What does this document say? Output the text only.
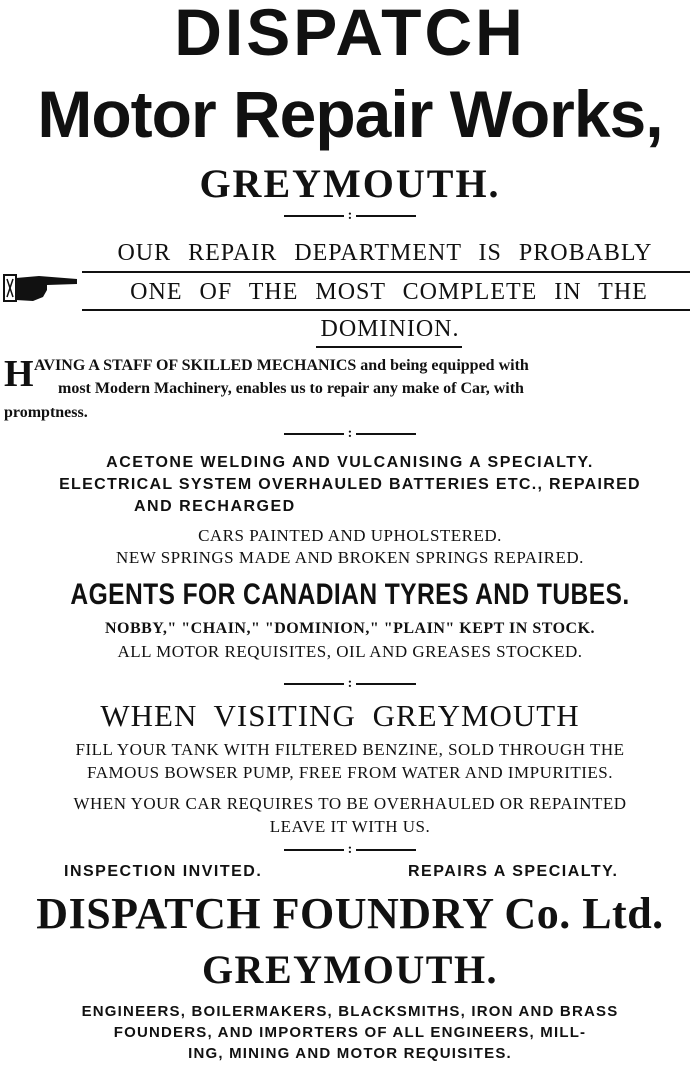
DISPATCH
Motor Repair Works,
GREYMOUTH.
:
OUR REPAIR DEPARTMENT IS PROBABLY
ONE OF THE MOST COMPLETE IN THE
DOMINION.
H AVING A STAFF OF SKILLED MECHANICS and being equipped with
most Modern Machinery, enables us to repair any make of Car, with
promptness.
:
ACETONE WELDING AND VULCANISING A SPECIALTY.
ELECTRICAL SYSTEM OVERHAULED BATTERIES ETC., REPAIRED
AND RECHARGED
CARS PAINTED AND UPHOLSTERED.
NEW SPRINGS MADE AND BROKEN SPRINGS REPAIRED.
AGENTS FOR CANADIAN TYRES AND TUBES.
NOBBY," "CHAIN," "DOMINION," "PLAIN" KEPT IN STOCK.
ALL MOTOR REQUISITES, OIL AND GREASES STOCKED.
:
WHEN VISITING GREYMOUTH
FILL YOUR TANK WITH FILTERED BENZINE, SOLD THROUGH THE
FAMOUS BOWSER PUMP, FREE FROM WATER AND IMPURITIES.
WHEN YOUR CAR REQUIRES TO BE OVERHAULED OR REPAINTED
LEAVE IT WITH US.
:
INSPECTION INVITED.	REPAIRS A SPECIALTY.
DISPATCH FOUNDRY Co. Ltd.
GREYMOUTH.
ENGINEERS, BOILERMAKERS, BLACKSMITHS, IRON AND BRASS
FOUNDERS, AND IMPORTERS OF ALL ENGINEERS, MILL-
ING, MINING AND MOTOR REQUISITES.
